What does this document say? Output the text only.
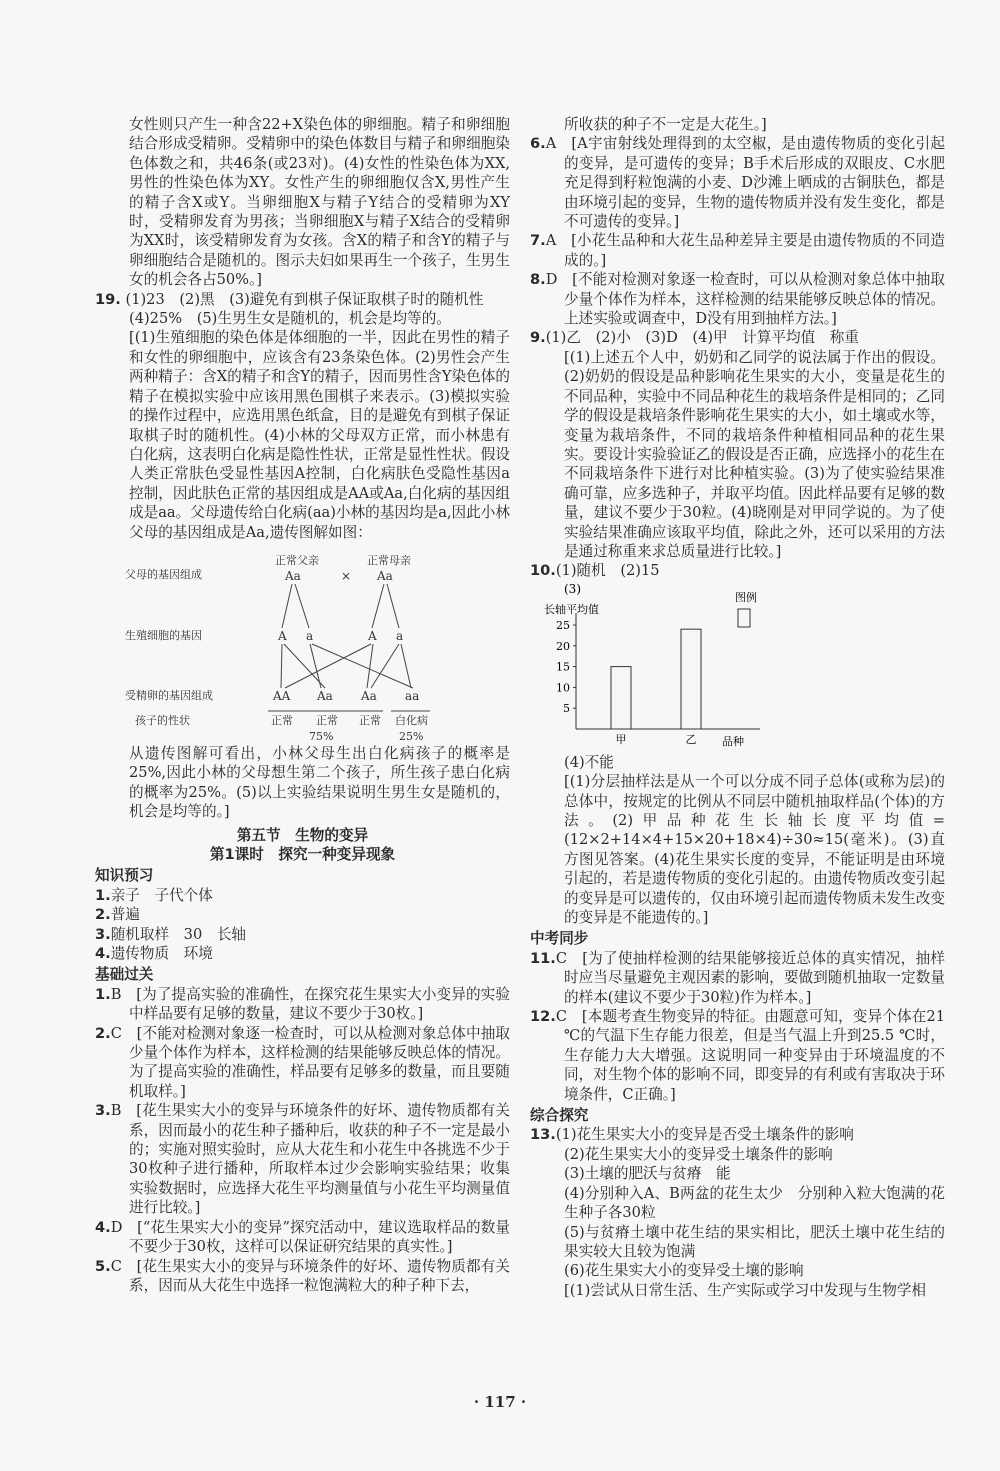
女性则只产生一种含22+X染色体的卵细胞。精子和卵细胞结合形成受精卵。受精卵中的染色体数目与精子和卵细胞染色体数之和，共46条(或23对)。(4)女性的性染色体为XX,男性的性染色体为XY。女性产生的卵细胞仅含X,男性产生的精子含X或Y。当卵细胞X与精子Y结合的受精卵为XY时，受精卵发育为男孩；当卵细胞X与精子X结合的受精卵为XX时，该受精卵发育为女孩。含X的精子和含Y的精子与卵细胞结合是随机的。图示夫妇如果再生一个孩子，生男生女的机会各占50%。]

19. (1)23　(2)黑　(3)避免有到棋子保证取棋子时的随机性

(4)25%　(5)生男生女是随机的，机会是均等的。

[(1)生殖细胞的染色体是体细胞的一半，因此在男性的精子和女性的卵细胞中，应该含有23条染色体。(2)男性会产生两种精子：含X的精子和含Y的精子，因而男性含Y染色体的精子在模拟实验中应该用黑色围棋子来表示。(3)模拟实验的操作过程中，应选用黑色纸盒，目的是避免有到棋子保证取棋子时的随机性。(4)小林的父母双方正常，而小林患有白化病，这表明白化病是隐性性状，正常是显性性状。假设人类正常肤色受显性基因A控制，白化病肤色受隐性基因a控制，因此肤色正常的基因组成是AA或Aa,白化病的基因组成是aa。父母遗传给白化病(aa)小林的基因均是a,因此小林父母的基因组成是Aa,遗传图解如图：

父母的基因组成
正常父亲	正常母亲
Aa	× Aa
生殖细胞的基因	A a	A a
受精卵的基因组成	AA Aa Aa aa
孩子的性状	正常 正常 正常 白化病
75%	25%

从遗传图解可看出，小林父母生出白化病孩子的概率是25%,因此小林的父母想生第二个孩子，所生孩子患白化病的概率为25%。(5)以上实验结果说明生男生女是随机的，机会是均等的。]

第五节　生物的变异

第1课时　探究一种变异现象

知识预习

1.亲子　子代个体

2.普遍

3.随机取样　30　长轴

4.遗传物质　环境

基础过关

1.B　[为了提高实验的准确性，在探究花生果实大小变异的实验中样品要有足够的数量，建议不要少于30枚。]

2.C　[不能对检测对象逐一检查时，可以从检测对象总体中抽取少量个体作为样本，这样检测的结果能够反映总体的情况。为了提高实验的准确性，样品要有足够多的数量，而且要随机取样。]

3.B　[花生果实大小的变异与环境条件的好坏、遗传物质都有关系，因而最小的花生种子播种后，收获的种子不一定是最小的；实施对照实验时，应从大花生和小花生中各挑选不少于30枚种子进行播种，所取样本过少会影响实验结果；收集实验数据时，应选择大花生平均测量值与小花生平均测量值进行比较。]

4.D　[“花生果实大小的变异”探究活动中，建议选取样品的数量不要少于30枚，这样可以保证研究结果的真实性。]

5.C　[花生果实大小的变异与环境条件的好坏、遗传物质都有关系，因而从大花生中选择一粒饱满粒大的种子种下去，

所收获的种子不一定是大花生。]

6.A　[A宇宙射线处理得到的太空椒，是由遗传物质的变化引起的变异，是可遗传的变异；B手术后形成的双眼皮、C水肥充足得到籽粒饱满的小麦、D沙滩上晒成的古铜肤色，都是由环境引起的变异，生物的遗传物质并没有发生变化，都是不可遗传的变异。]

7.A　[小花生品种和大花生品种差异主要是由遗传物质的不同造成的。]

8.D　[不能对检测对象逐一检查时，可以从检测对象总体中抽取少量个体作为样本，这样检测的结果能够反映总体的情况。上述实验或调查中，D没有用到抽样方法。]

9.(1)乙　(2)小　(3)D　(4)甲　计算平均值　称重

[(1)上述五个人中，奶奶和乙同学的说法属于作出的假设。(2)奶奶的假设是品种影响花生果实的大小，变量是花生的不同品种，实验中不同品种花生的栽培条件是相同的；乙同学的假设是栽培条件影响花生果实的大小，如土壤或水等，变量为栽培条件，不同的栽培条件种植相同品种的花生果实。要设计实验验证乙的假设是否正确，应选择小的花生在不同栽培条件下进行对比种植实验。(3)为了使实验结果准确可靠，应多选种子，并取平均值。因此样品要有足够的数量，建议不要少于30粒。(4)晓刚是对甲同学说的。为了使实验结果准确应该取平均值，除此之外，还可以采用的方法是通过称重来求总质量进行比较。]

10.(1)随机　(2)15

(3)
长轴平均值
图例
品种
5
10
15
20
25
甲	乙

(4)不能

[(1)分层抽样法是从一个可以分成不同子总体(或称为层)的总体中，按规定的比例从不同层中随机抽取样品(个体)的方法。(2)甲品种花生长轴长度平均值=(12×2+14×4+15×20+18×4)÷30≈15(毫米)。(3)直方图见答案。(4)花生果实长度的变异，不能证明是由环境引起的，若是遗传物质的变化引起的。由遗传物质改变引起的变异是可以遗传的，仅由环境引起而遗传物质未发生改变的变异是不能遗传的。]

中考同步

11.C　[为了使抽样检测的结果能够接近总体的真实情况，抽样时应当尽量避免主观因素的影响，要做到随机抽取一定数量的样本(建议不要少于30粒)作为样本。]

12.C　[本题考查生物变异的特征。由题意可知，变异个体在21 ℃的气温下生存能力很差，但是当气温上升到25.5 ℃时，生存能力大大增强。这说明同一种变异由于环境温度的不同，对生物个体的影响不同，即变异的有利或有害取决于环境条件，C正确。]

综合探究

13.(1)花生果实大小的变异是否受土壤条件的影响

(2)花生果实大小的变异受土壤条件的影响

(3)土壤的肥沃与贫瘠　能

(4)分别种入A、B两盆的花生太少　分别种入粒大饱满的花生种子各30粒

(5)与贫瘠土壤中花生结的果实相比，肥沃土壤中花生结的果实较大且较为饱满

(6)花生果实大小的变异受土壤的影响

[(1)尝试从日常生活、生产实际或学习中发现与生物学相

· 117 ·
